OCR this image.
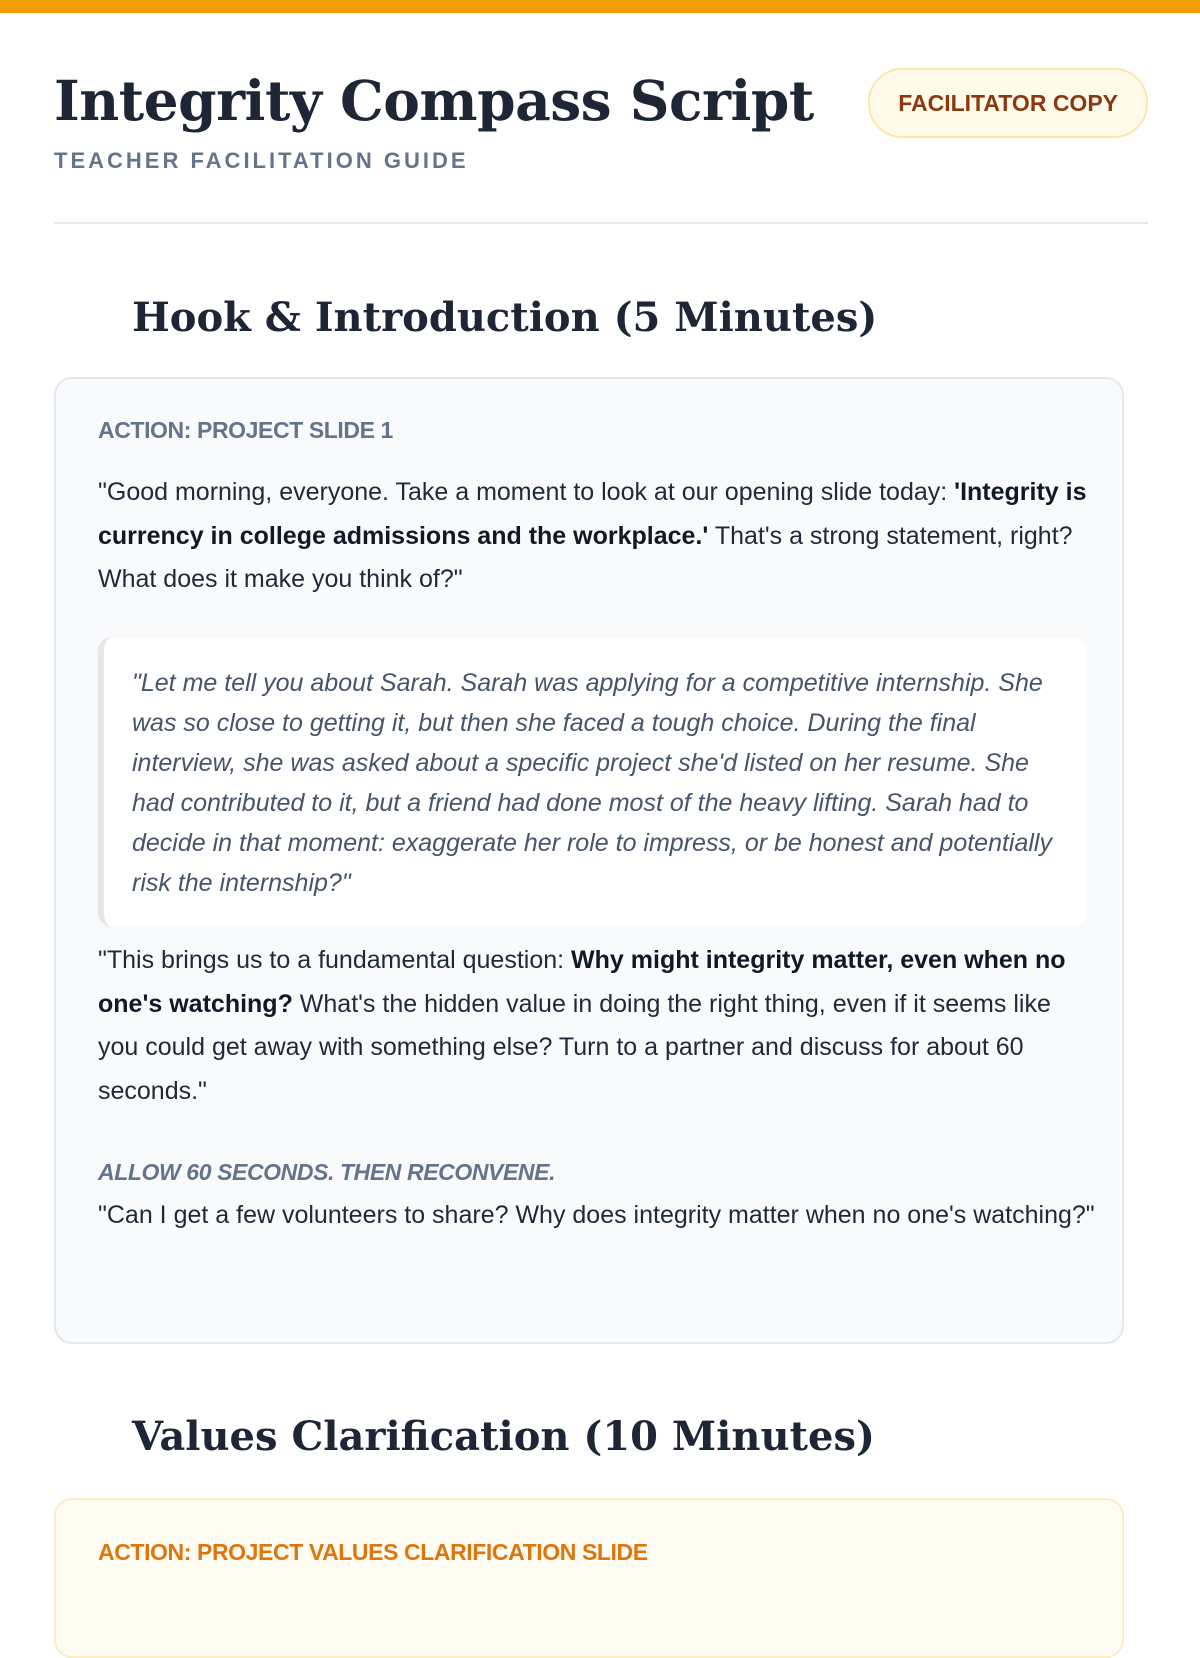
Integrity Compass Script
TEACHER FACILITATION GUIDE
FACILITATOR COPY
Hook & Introduction (5 Minutes)
ACTION: PROJECT SLIDE 1

"Good morning, everyone. Take a moment to look at our opening slide today: 'Integrity is currency in college admissions and the workplace.' That's a strong statement, right? What does it make you think of?"

"Let me tell you about Sarah. Sarah was applying for a competitive internship. She was so close to getting it, but then she faced a tough choice. During the final interview, she was asked about a specific project she'd listed on her resume. She had contributed to it, but a friend had done most of the heavy lifting. Sarah had to decide in that moment: exaggerate her role to impress, or be honest and potentially risk the internship?"

"This brings us to a fundamental question: Why might integrity matter, even when no one's watching? What's the hidden value in doing the right thing, even if it seems like you could get away with something else? Turn to a partner and discuss for about 60 seconds."

ALLOW 60 SECONDS. THEN RECONVENE.

"Can I get a few volunteers to share? Why does integrity matter when no one's watching?"

Values Clarification (10 Minutes)
ACTION: PROJECT VALUES CLARIFICATION SLIDE
